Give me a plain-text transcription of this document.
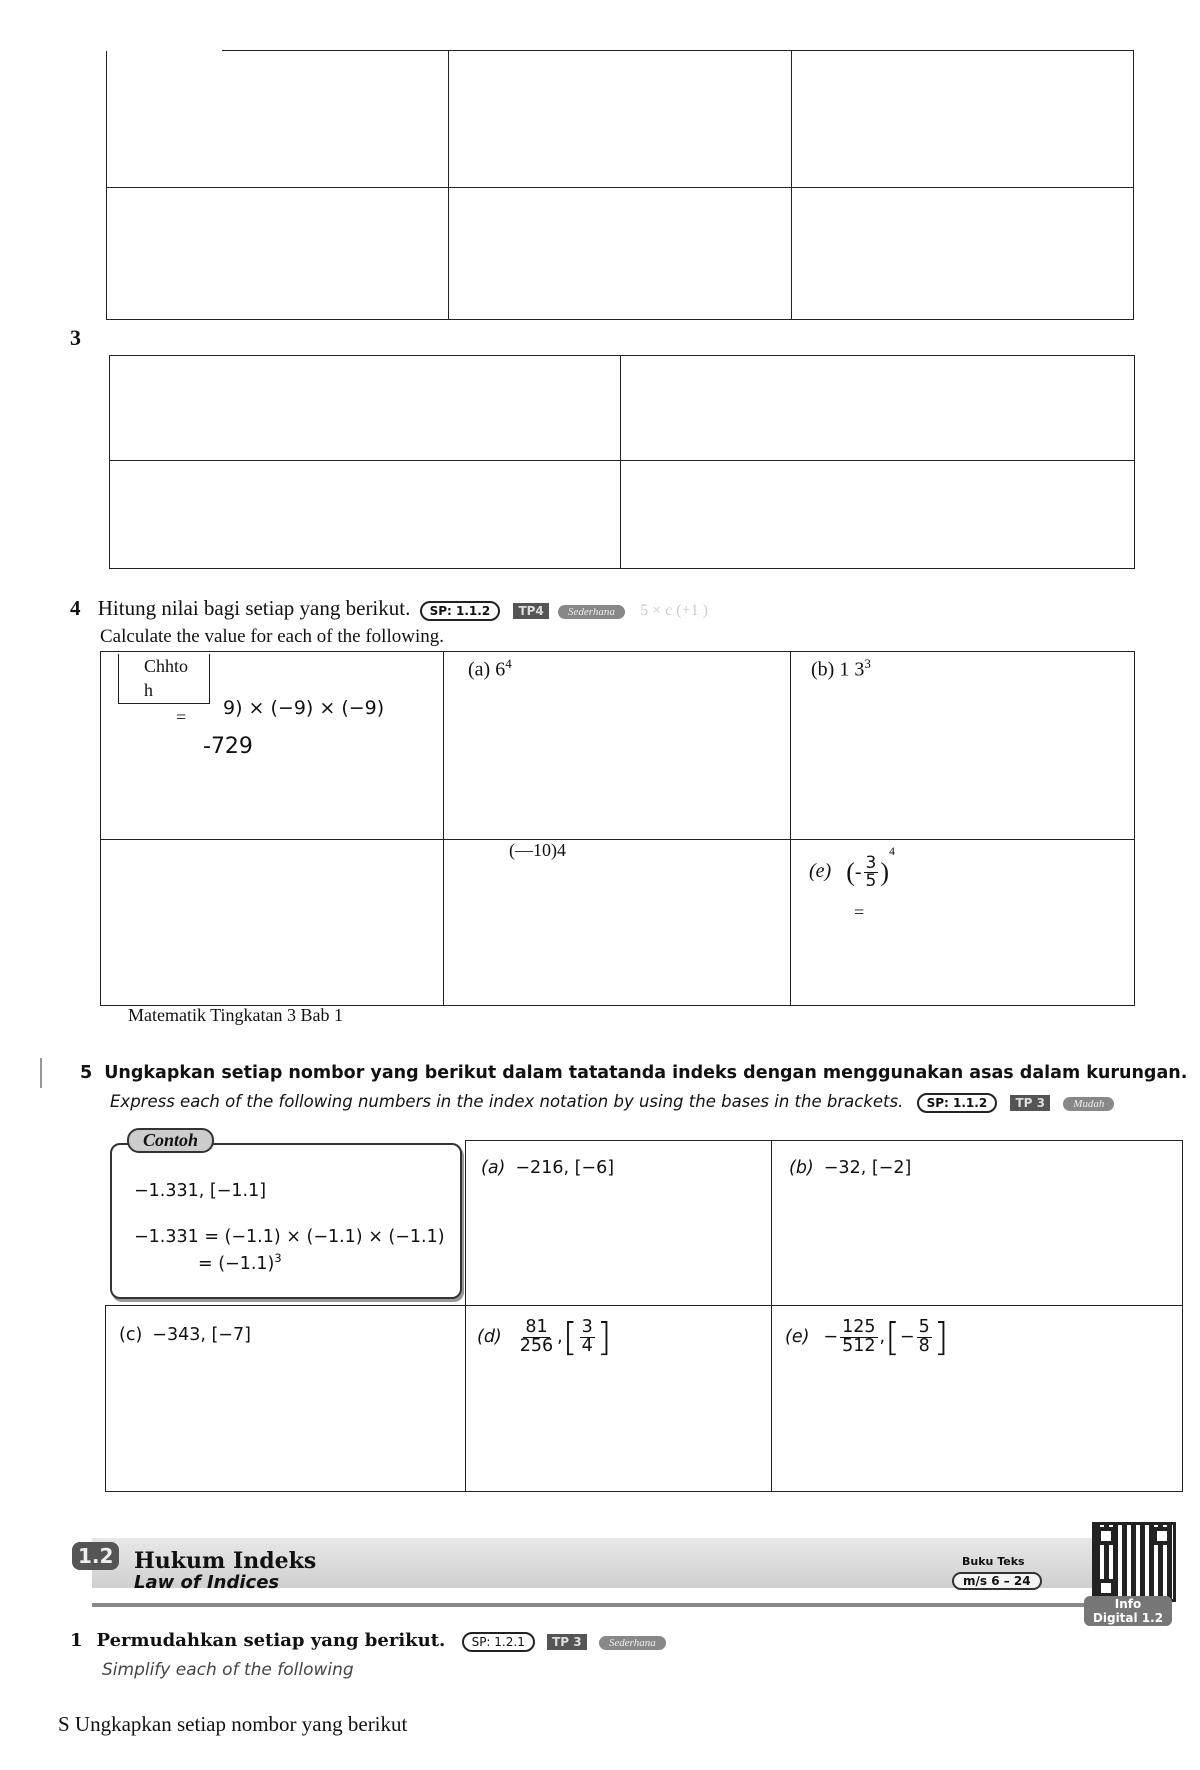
3

4 Hitung nilai bagi setiap yang berikut. SP: 1.1.2 TP4 Sederhana 5 × c (+1 )
Calculate the value for each of the following.
Chhto
h
= 9) × (−9) × (−9)
-729	(a) $6^4$	(b) 1 $3^3$

	(—10)4	(e) (- $\frac{3}{5} )^4$
=
Matematik Tingkatan 3 Bab 1
5 Ungkapkan setiap nombor yang berikut dalam tatatanda indeks dengan menggunakan asas dalam kurungan.
Express each of the following numbers in the index notation by using the bases in the brackets. SP: 1.1.2 TP 3	Mudah
−1.331, [−1.1]
−1.331 = (−1.1) × (−1.1) × (−1.1)
= $(-1.1)^3$
Contoh
(a) −216, [−6]	(b) −32, [−2]
(c) −343, [−7]	$(d) \frac{81}{256}$ , [ $\frac{3}{4}$ ]	$(e) - \frac{125}{512}$ , [ − $\frac{5}{8}$ ]
1.2 Hukum Indeks
Law of Indices
Buku Teks
m/s 6 – 24
Info
Digital 1.2
1 Permudahkan setiap yang berikut. SP: 1.2.1 TP 3 Sederhana
Simplify each of the following
S Ungkapkan setiap nombor yang berikut
